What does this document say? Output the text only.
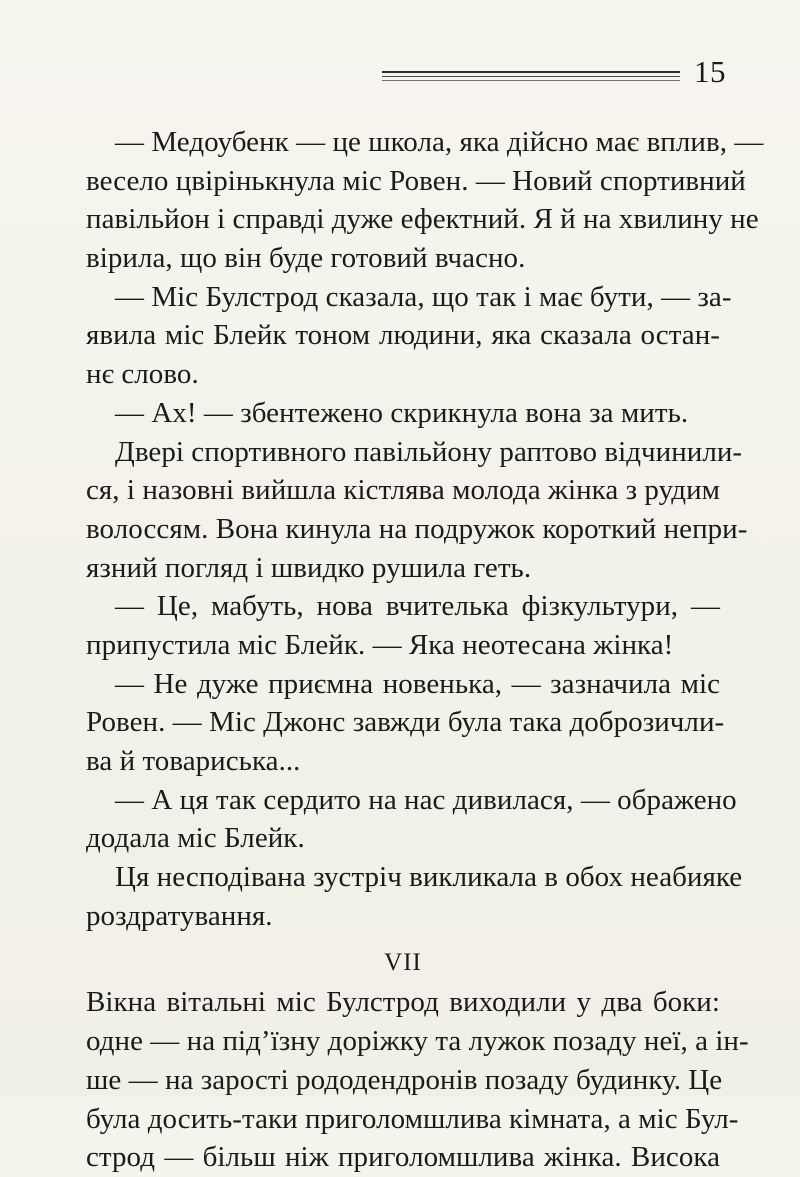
15
— Медоубенк — це школа, яка дійсно має вплив, —
весело цвірінькнула міс Ровен. — Новий спортивний
павільйон і справді дуже ефектний. Я й на хвилину не
вірила, що він буде готовий вчасно.
— Міс Булстрод сказала, що так і має бути, — за-
явила міс Блейк тоном людини, яка сказала остан-
нє слово.
— Ах! — збентежено скрикнула вона за мить.
Двері спортивного павільйону раптово відчинили-
ся, і назовні вийшла кістлява молода жінка з рудим
волоссям. Вона кинула на подружок короткий непри-
язний погляд і швидко рушила геть.
— Це, мабуть, нова вчителька фізкультури, —
припустила міс Блейк. — Яка неотесана жінка!
— Не дуже приємна новенька, — зазначила міс
Ровен. — Міс Джонс завжди була така доброзичли-
ва й товариська...
— А ця так сердито на нас дивилася, — ображено
додала міс Блейк.
Ця несподівана зустріч викликала в обох неабияке
роздратування.
VII
Вікна вітальні міс Булстрод виходили у два боки:
одне — на під’їзну доріжку та лужок позаду неї, а ін-
ше — на зарості рододендронів позаду будинку. Це
була досить-таки приголомшлива кімната, а міс Бул-
строд — більш ніж приголомшлива жінка. Висока
